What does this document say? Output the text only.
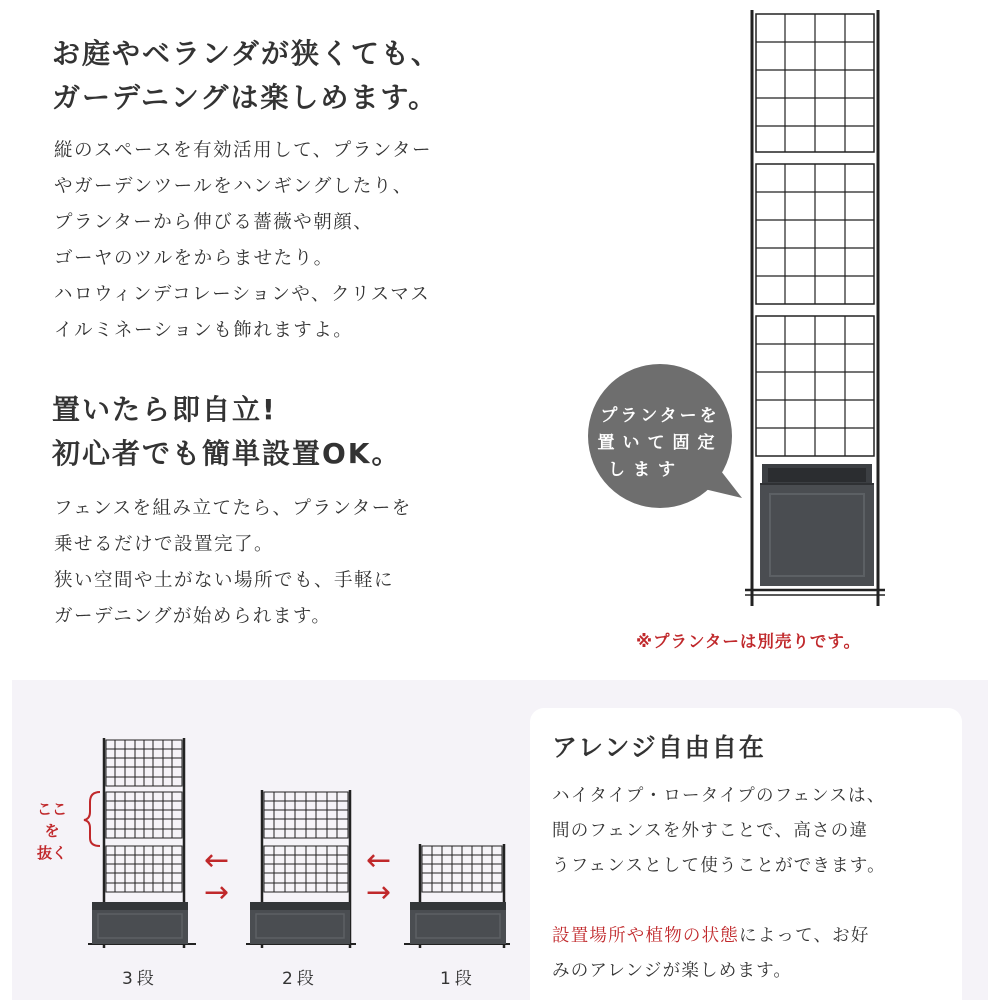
お庭やベランダが狭くても、
ガーデニングは楽しめます。
縦のスペースを有効活用して、プランター
やガーデンツールをハンギングしたり、
プランターから伸びる薔薇や朝顔、
ゴーヤのツルをからませたり。
ハロウィンデコレーションや、クリスマス
イルミネーションも飾れますよ。
置いたら即自立!
初心者でも簡単設置OK。
フェンスを組み立てたら、プランターを
乗せるだけで設置完了。
狭い空間や土がない場所でも、手軽に
ガーデニングが始められます。
プランターを
置いて固定
します
※プランターは別売りです。
ここを
抜く	←
→
←
→
3段	2段	1段
アレンジ自由自在
ハイタイプ・ロータイプのフェンスは、
間のフェンスを外すことで、高さの違
うフェンスとして使うことができます。
設置場所や植物の状態によって、お好
みのアレンジが楽しめます。
